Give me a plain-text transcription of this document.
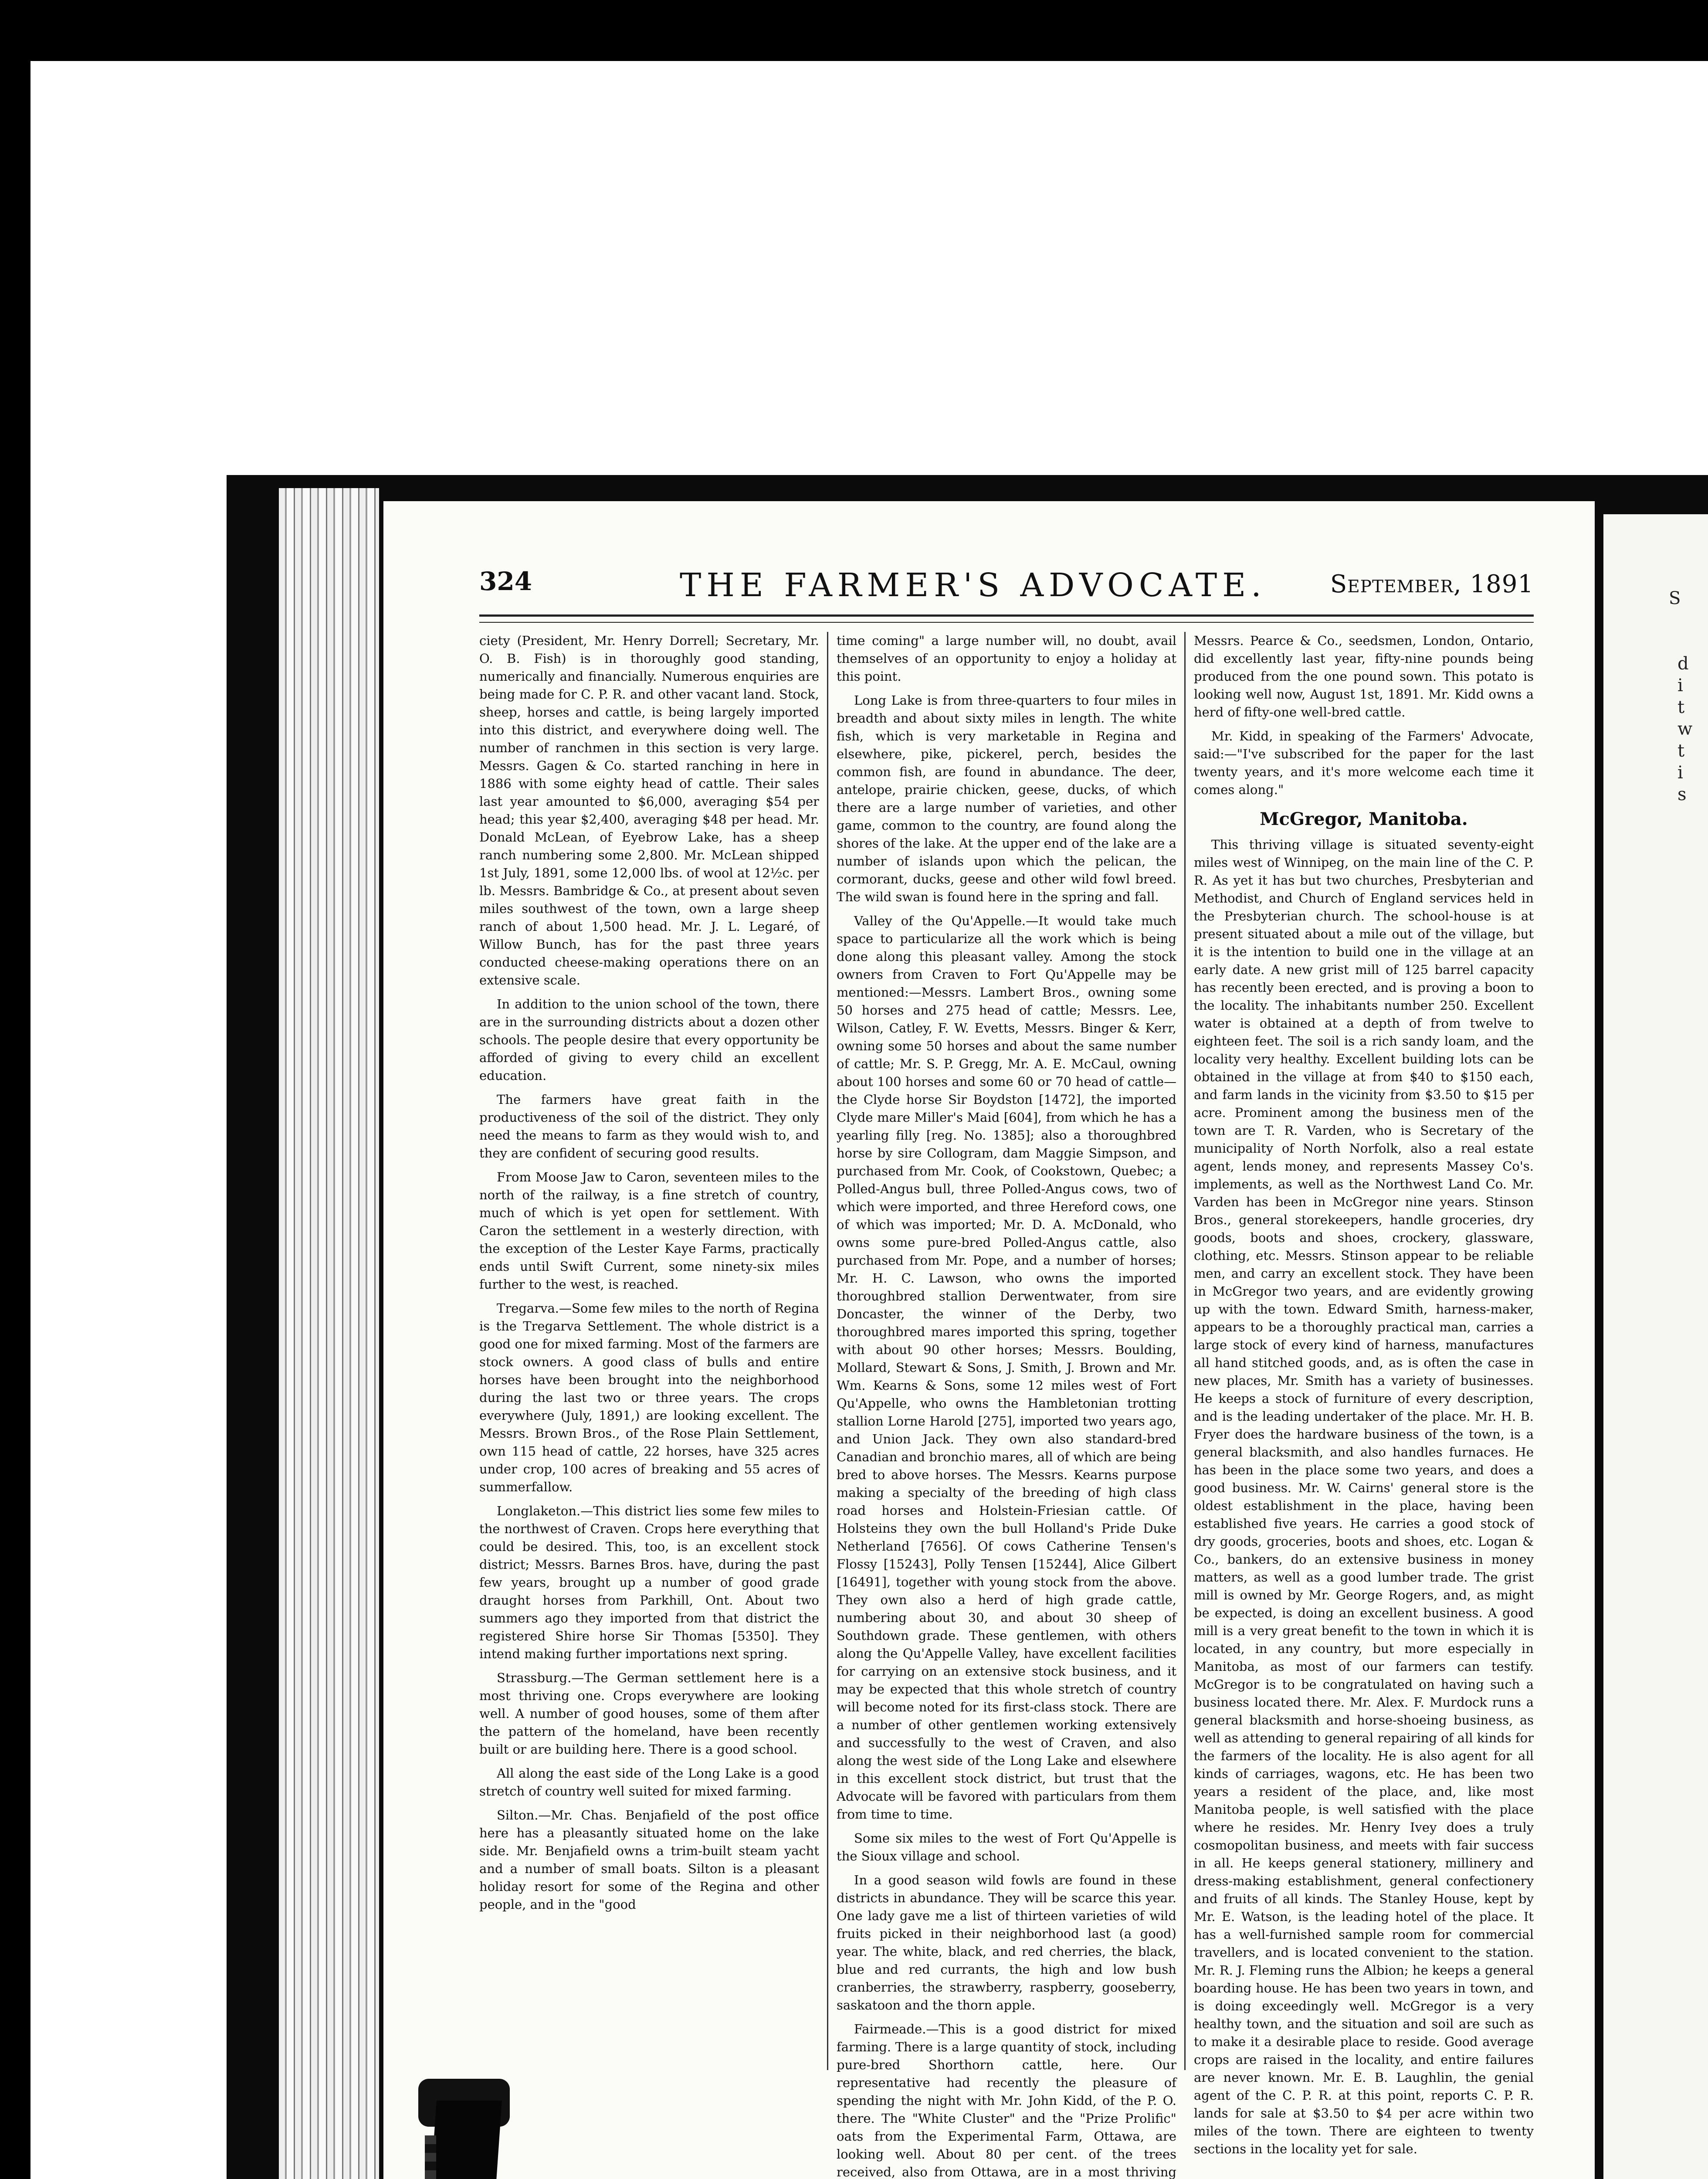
S
d
i
t
w
t
i
s
324	THE FARMER'S ADVOCATE.	September, 1891

ciety (President, Mr. Henry Dorrell; Secretary, Mr. O. B. Fish) is in thoroughly good standing, numerically and financially. Numerous enquiries are being made for C. P. R. and other vacant land. Stock, sheep, horses and cattle, is being largely imported into this district, and everywhere doing well. The number of ranchmen in this section is very large. Messrs. Gagen & Co. started ranching in here in 1886 with some eighty head of cattle. Their sales last year amounted to $6,000, averaging $54 per head; this year $2,400, averaging $48 per head. Mr. Donald McLean, of Eyebrow Lake, has a sheep ranch numbering some 2,800. Mr. McLean shipped 1st July, 1891, some 12,000 lbs. of wool at 12½c. per lb. Messrs. Bambridge & Co., at present about seven miles southwest of the town, own a large sheep ranch of about 1,500 head. Mr. J. L. Legaré, of Willow Bunch, has for the past three years conducted cheese-making operations there on an extensive scale.

In addition to the union school of the town, there are in the surrounding districts about a dozen other schools. The people desire that every opportunity be afforded of giving to every child an excellent education.

The farmers have great faith in the productiveness of the soil of the district. They only need the means to farm as they would wish to, and they are confident of securing good results.

From Moose Jaw to Caron, seventeen miles to the north of the railway, is a fine stretch of country, much of which is yet open for settlement. With Caron the settlement in a westerly direction, with the exception of the Lester Kaye Farms, practically ends until Swift Current, some ninety-six miles further to the west, is reached.

Tregarva.—Some few miles to the north of Regina is the Tregarva Settlement. The whole district is a good one for mixed farming. Most of the farmers are stock owners. A good class of bulls and entire horses have been brought into the neighborhood during the last two or three years. The crops everywhere (July, 1891,) are looking excellent. The Messrs. Brown Bros., of the Rose Plain Settlement, own 115 head of cattle, 22 horses, have 325 acres under crop, 100 acres of breaking and 55 acres of summerfallow.

Longlaketon.—This district lies some few miles to the northwest of Craven. Crops here everything that could be desired. This, too, is an excellent stock district; Messrs. Barnes Bros. have, during the past few years, brought up a number of good grade draught horses from Parkhill, Ont. About two summers ago they imported from that district the registered Shire horse Sir Thomas [5350]. They intend making further importations next spring.

Strassburg.—The German settlement here is a most thriving one. Crops everywhere are looking well. A number of good houses, some of them after the pattern of the homeland, have been recently built or are building here. There is a good school.

All along the east side of the Long Lake is a good stretch of country well suited for mixed farming.

Silton.—Mr. Chas. Benjafield of the post office here has a pleasantly situated home on the lake side. Mr. Benjafield owns a trim-built steam yacht and a number of small boats. Silton is a pleasant holiday resort for some of the Regina and other people, and in the "good

time coming" a large number will, no doubt, avail themselves of an opportunity to enjoy a holiday at this point.

Long Lake is from three-quarters to four miles in breadth and about sixty miles in length. The white fish, which is very marketable in Regina and elsewhere, pike, pickerel, perch, besides the common fish, are found in abundance. The deer, antelope, prairie chicken, geese, ducks, of which there are a large number of varieties, and other game, common to the country, are found along the shores of the lake. At the upper end of the lake are a number of islands upon which the pelican, the cormorant, ducks, geese and other wild fowl breed. The wild swan is found here in the spring and fall.

Valley of the Qu'Appelle.—It would take much space to particularize all the work which is being done along this pleasant valley. Among the stock owners from Craven to Fort Qu'Appelle may be mentioned:—Messrs. Lambert Bros., owning some 50 horses and 275 head of cattle; Messrs. Lee, Wilson, Catley, F. W. Evetts, Messrs. Binger & Kerr, owning some 50 horses and about the same number of cattle; Mr. S. P. Gregg, Mr. A. E. McCaul, owning about 100 horses and some 60 or 70 head of cattle—the Clyde horse Sir Boydston [1472], the imported Clyde mare Miller's Maid [604], from which he has a yearling filly [reg. No. 1385]; also a thoroughbred horse by sire Collogram, dam Maggie Simpson, and purchased from Mr. Cook, of Cookstown, Quebec; a Polled-Angus bull, three Polled-Angus cows, two of which were imported, and three Hereford cows, one of which was imported; Mr. D. A. McDonald, who owns some pure-bred Polled-Angus cattle, also purchased from Mr. Pope, and a number of horses; Mr. H. C. Lawson, who owns the imported thoroughbred stallion Derwentwater, from sire Doncaster, the winner of the Derby, two thoroughbred mares imported this spring, together with about 90 other horses; Messrs. Boulding, Mollard, Stewart & Sons, J. Smith, J. Brown and Mr. Wm. Kearns & Sons, some 12 miles west of Fort Qu'Appelle, who owns the Hambletonian trotting stallion Lorne Harold [275], imported two years ago, and Union Jack. They own also standard-bred Canadian and bronchio mares, all of which are being bred to above horses. The Messrs. Kearns purpose making a specialty of the breeding of high class road horses and Holstein-Friesian cattle. Of Holsteins they own the bull Holland's Pride Duke Netherland [7656]. Of cows Catherine Tensen's Flossy [15243], Polly Tensen [15244], Alice Gilbert [16491], together with young stock from the above. They own also a herd of high grade cattle, numbering about 30, and about 30 sheep of Southdown grade. These gentlemen, with others along the Qu'Appelle Valley, have excellent facilities for carrying on an extensive stock business, and it may be expected that this whole stretch of country will become noted for its first-class stock. There are a number of other gentlemen working extensively and successfully to the west of Craven, and also along the west side of the Long Lake and elsewhere in this excellent stock district, but trust that the Advocate will be favored with particulars from them from time to time.

Some six miles to the west of Fort Qu'Appelle is the Sioux village and school.

In a good season wild fowls are found in these districts in abundance. They will be scarce this year. One lady gave me a list of thirteen varieties of wild fruits picked in their neighborhood last (a good) year. The white, black, and red cherries, the black, blue and red currants, the high and low bush cranberries, the strawberry, raspberry, gooseberry, saskatoon and the thorn apple.

Fairmeade.—This is a good district for mixed farming. There is a large quantity of stock, including pure-bred Shorthorn cattle, here. Our representative had recently the pleasure of spending the night with Mr. John Kidd, of the P. O. there. The "White Cluster" and the "Prize Prolific" oats from the Experimental Farm, Ottawa, are looking well. About 80 per cent. of the trees received, also from Ottawa, are in a most thriving

Messrs. Pearce & Co., seedsmen, London, Ontario, did excellently last year, fifty-nine pounds being produced from the one pound sown. This potato is looking well now, August 1st, 1891. Mr. Kidd owns a herd of fifty-one well-bred cattle.

Mr. Kidd, in speaking of the Farmers' Advocate, said:—"I've subscribed for the paper for the last twenty years, and it's more welcome each time it comes along."

McGregor, Manitoba.

This thriving village is situated seventy-eight miles west of Winnipeg, on the main line of the C. P. R. As yet it has but two churches, Presbyterian and Methodist, and Church of England services held in the Presbyterian church. The school-house is at present situated about a mile out of the village, but it is the intention to build one in the village at an early date. A new grist mill of 125 barrel capacity has recently been erected, and is proving a boon to the locality. The inhabitants number 250. Excellent water is obtained at a depth of from twelve to eighteen feet. The soil is a rich sandy loam, and the locality very healthy. Excellent building lots can be obtained in the village at from $40 to $150 each, and farm lands in the vicinity from $3.50 to $15 per acre. Prominent among the business men of the town are T. R. Varden, who is Secretary of the municipality of North Norfolk, also a real estate agent, lends money, and represents Massey Co's. implements, as well as the Northwest Land Co. Mr. Varden has been in McGregor nine years. Stinson Bros., general storekeepers, handle groceries, dry goods, boots and shoes, crockery, glassware, clothing, etc. Messrs. Stinson appear to be reliable men, and carry an excellent stock. They have been in McGregor two years, and are evidently growing up with the town. Edward Smith, harness-maker, appears to be a thoroughly practical man, carries a large stock of every kind of harness, manufactures all hand stitched goods, and, as is often the case in new places, Mr. Smith has a variety of businesses. He keeps a stock of furniture of every description, and is the leading undertaker of the place. Mr. H. B. Fryer does the hardware business of the town, is a general blacksmith, and also handles furnaces. He has been in the place some two years, and does a good business. Mr. W. Cairns' general store is the oldest establishment in the place, having been established five years. He carries a good stock of dry goods, groceries, boots and shoes, etc. Logan & Co., bankers, do an extensive business in money matters, as well as a good lumber trade. The grist mill is owned by Mr. George Rogers, and, as might be expected, is doing an excellent business. A good mill is a very great benefit to the town in which it is located, in any country, but more especially in Manitoba, as most of our farmers can testify. McGregor is to be congratulated on having such a business located there. Mr. Alex. F. Murdock runs a general blacksmith and horse-shoeing business, as well as attending to general repairing of all kinds for the farmers of the locality. He is also agent for all kinds of carriages, wagons, etc. He has been two years a resident of the place, and, like most Manitoba people, is well satisfied with the place where he resides. Mr. Henry Ivey does a truly cosmopolitan business, and meets with fair success in all. He keeps general stationery, millinery and dress-making establishment, general confectionery and fruits of all kinds. The Stanley House, kept by Mr. E. Watson, is the leading hotel of the place. It has a well-furnished sample room for commercial travellers, and is located convenient to the station. Mr. R. J. Fleming runs the Albion; he keeps a general boarding house. He has been two years in town, and is doing exceedingly well. McGregor is a very healthy town, and the situation and soil are such as to make it a desirable place to reside. Good average crops are raised in the locality, and entire failures are never known. Mr. E. B. Laughlin, the genial agent of the C. P. R. at this point, reports C. P. R. lands for sale at $3.50 to $4 per acre within two miles of the town. There are eighteen to twenty sections in the locality yet for sale.
